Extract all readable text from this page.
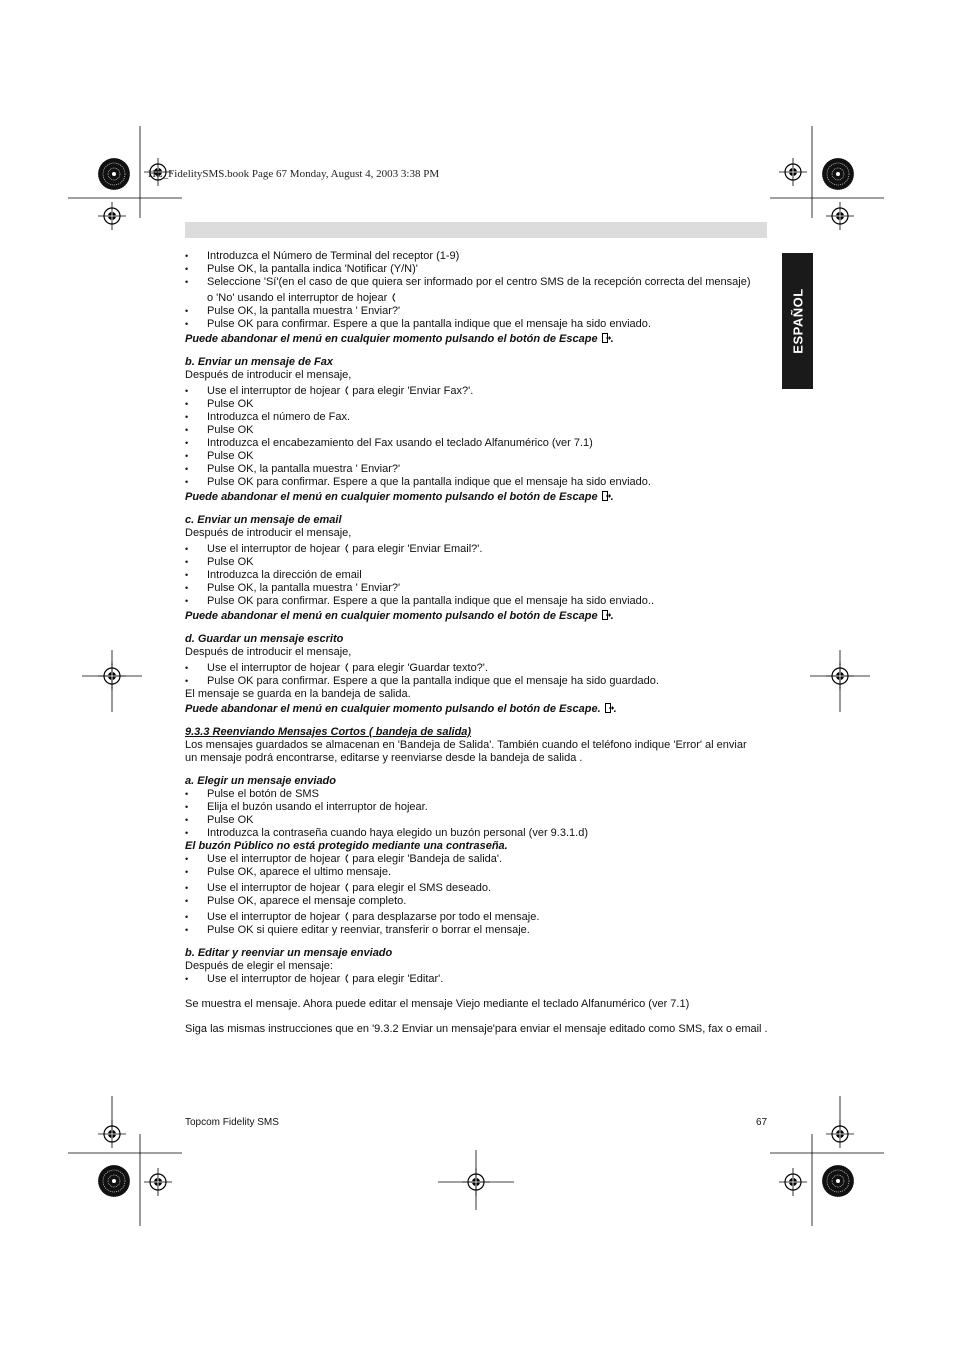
HL_FidelitySMS.book Page 67 Monday, August 4, 2003 3:38 PM
ESPAÑOL
• Introduzca el Número de Terminal del receptor (1-9)
• Pulse OK, la pantalla indica 'Notificar (Y/N)'
• Seleccione 'Sí'(en el caso de que quiera ser informado por el centro SMS de la recepción correcta del mensaje)
o 'No' usando el interruptor de hojear
• Pulse OK, la pantalla muestra ' Enviar?'
• Pulse OK para confirmar. Espere a que la pantalla indique que el mensaje ha sido enviado.
Puede abandonar el menú en cualquier momento pulsando el botón de Escape .
b. Enviar un mensaje de Fax
Después de introducir el mensaje,
• Use el interruptor de hojear para elegir 'Enviar Fax?'.
• Pulse OK
• Introduzca el número de Fax.
• Pulse OK
• Introduzca el encabezamiento del Fax usando el teclado Alfanumérico (ver 7.1)
• Pulse OK
• Pulse OK, la pantalla muestra ' Enviar?'
• Pulse OK para confirmar. Espere a que la pantalla indique que el mensaje ha sido enviado.
Puede abandonar el menú en cualquier momento pulsando el botón de Escape .
c. Enviar un mensaje de email
Después de introducir el mensaje,
• Use el interruptor de hojear para elegir 'Enviar Email?'.
• Pulse OK
• Introduzca la dirección de email
• Pulse OK, la pantalla muestra ' Enviar?'
• Pulse OK para confirmar. Espere a que la pantalla indique que el mensaje ha sido enviado..
Puede abandonar el menú en cualquier momento pulsando el botón de Escape .
d. Guardar un mensaje escrito
Después de introducir el mensaje,
• Use el interruptor de hojear para elegir 'Guardar texto?'.
• Pulse OK para confirmar. Espere a que la pantalla indique que el mensaje ha sido guardado.
El mensaje se guarda en la bandeja de salida.
Puede abandonar el menú en cualquier momento pulsando el botón de Escape. .
9.3.3 Reenviando Mensajes Cortos ( bandeja de salida)
Los mensajes guardados se almacenan en 'Bandeja de Salida'. También cuando el teléfono indique 'Error' al enviar
un mensaje podrá encontrarse, editarse y reenviarse desde la bandeja de salida .
a. Elegir un mensaje enviado
• Pulse el botón de SMS
• Elija el buzón usando el interruptor de hojear.
• Pulse OK
• Introduzca la contraseña cuando haya elegido un buzón personal (ver 9.3.1.d)
El buzón Público no está protegido mediante una contraseña.
• Use el interruptor de hojear para elegir 'Bandeja de salida'.
• Pulse OK, aparece el ultimo mensaje.
• Use el interruptor de hojear para elegir el SMS deseado.
• Pulse OK, aparece el mensaje completo.
• Use el interruptor de hojear para desplazarse por todo el mensaje.
• Pulse OK si quiere editar y reenviar, transferir o borrar el mensaje.
b. Editar y reenviar un mensaje enviado
Después de elegir el mensaje:
• Use el interruptor de hojear para elegir 'Editar'.
Se muestra el mensaje. Ahora puede editar el mensaje Viejo mediante el teclado Alfanumérico (ver 7.1)
Siga las mismas instrucciones que en '9.3.2 Enviar un mensaje'para enviar el mensaje editado como SMS, fax o email .
Topcom Fidelity SMS	67
